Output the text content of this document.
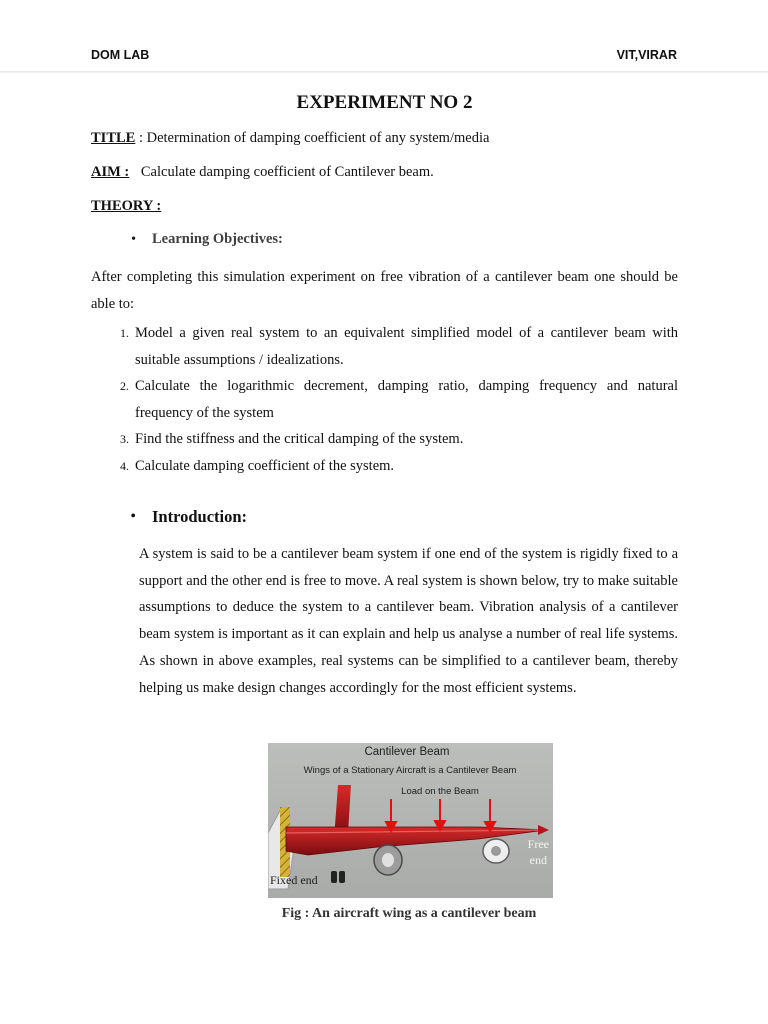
DOM LAB	VIT,VIRAR
EXPERIMENT NO 2
TITLE : Determination of damping coefficient of any system/media
AIM : Calculate damping coefficient of Cantilever beam.
THEORY :
•	Learning Objectives:

After completing this simulation experiment on free vibration of a cantilever beam one should be able to:

1. Model a given real system to an equivalent simplified model of a cantilever beam with suitable assumptions / idealizations.
2. Calculate the logarithmic decrement, damping ratio, damping frequency and natural frequency of the system
3. Find the stiffness and the critical damping of the system.
4. Calculate damping coefficient of the system.
• Introduction:

A system is said to be a cantilever beam system if one end of the system is rigidly fixed to a support and the other end is free to move. A real system is shown below, try to make suitable assumptions to deduce the system to a cantilever beam. Vibration analysis of a cantilever beam system is important as it can explain and help us analyse a number of real life systems. As shown in above examples, real systems can be simplified to a cantilever beam, thereby helping us make design changes accordingly for the most efficient systems.

Cantilever Beam
Wings of a Stationary Aircraft is a Cantilever Beam
Load on the Beam
Free
end
Fixed end
Fig : An aircraft wing as a cantilever beam
